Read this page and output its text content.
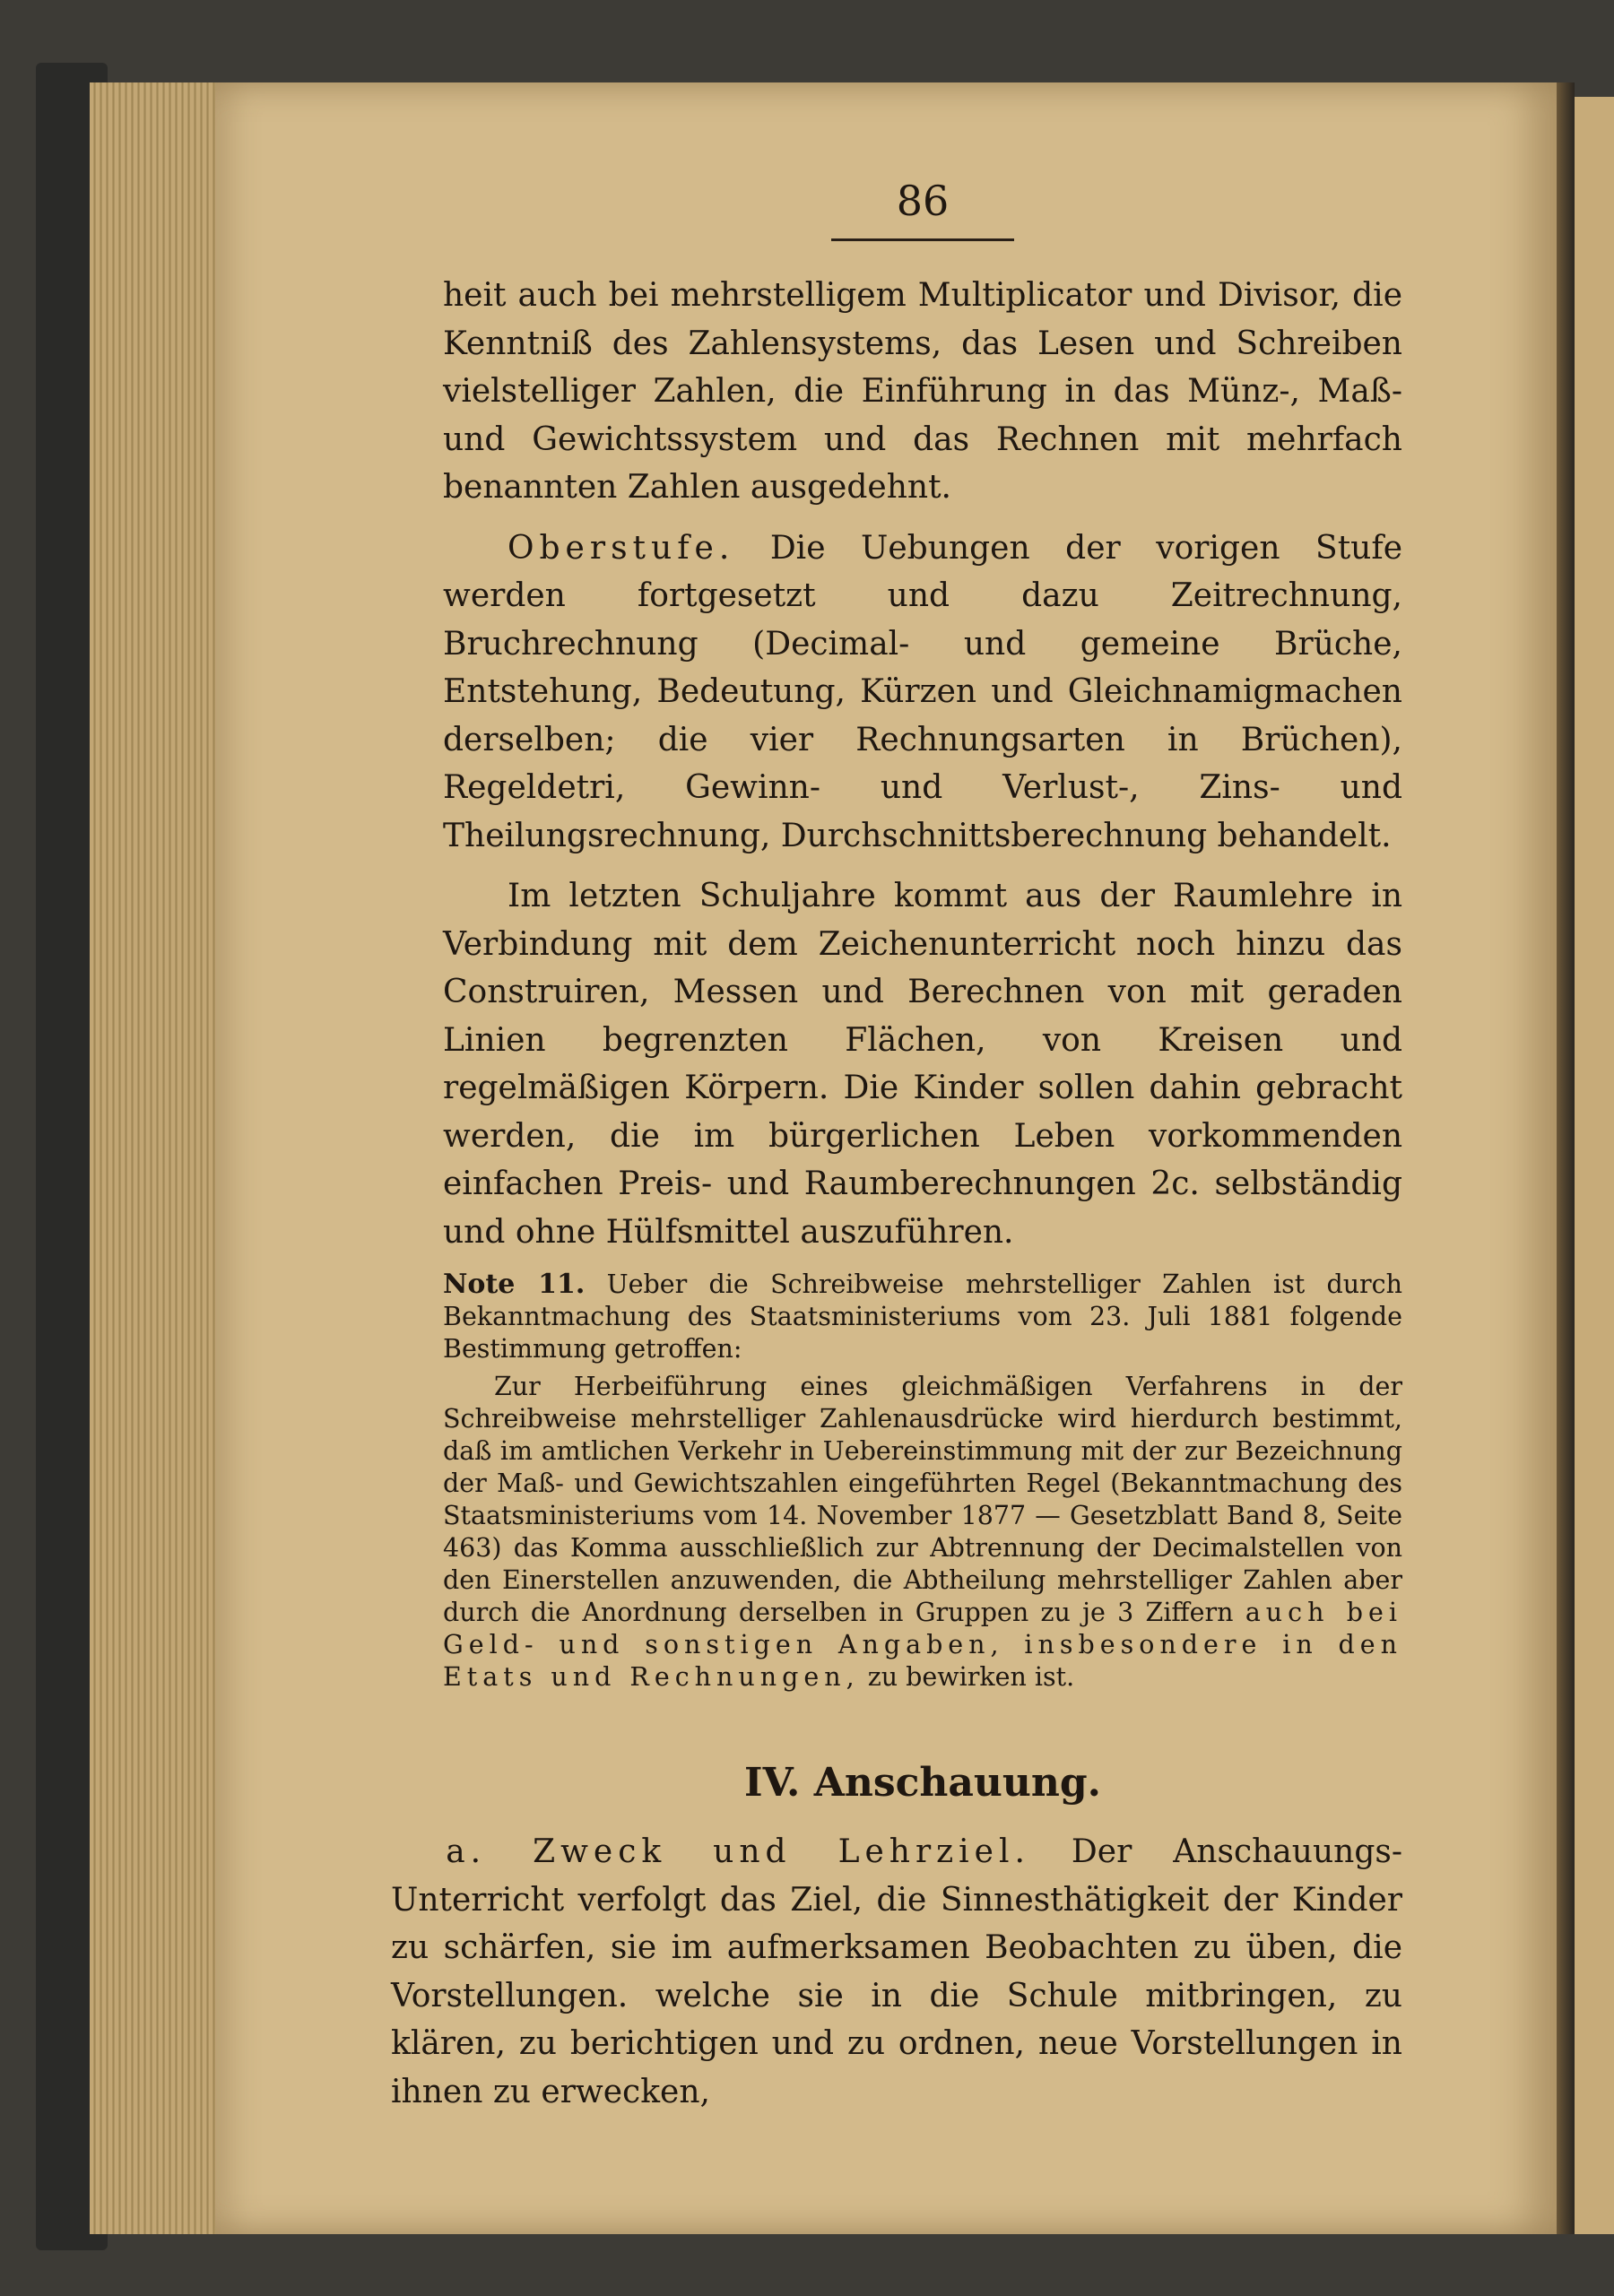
86

heit auch bei mehrstelligem Multiplicator und Divisor, die Kenntniß des Zahlensystems, das Lesen und Schreiben vielstelliger Zahlen, die Einführung in das Münz-, Maß- und Gewichtssystem und das Rechnen mit mehrfach benannten Zahlen ausgedehnt.

Oberstufe. Die Uebungen der vorigen Stufe werden fortgesetzt und dazu Zeitrechnung, Bruchrechnung (Decimal- und gemeine Brüche, Entstehung, Bedeutung, Kürzen und Gleichnamigmachen derselben; die vier Rechnungsarten in Brüchen), Regeldetri, Gewinn- und Verlust-, Zins- und Theilungsrechnung, Durchschnittsberechnung behandelt.

Im letzten Schuljahre kommt aus der Raumlehre in Verbindung mit dem Zeichenunterricht noch hinzu das Construiren, Messen und Berechnen von mit geraden Linien begrenzten Flächen, von Kreisen und regelmäßigen Körpern. Die Kinder sollen dahin gebracht werden, die im bürgerlichen Leben vorkommenden einfachen Preis- und Raumberechnungen 2c. selbständig und ohne Hülfsmittel auszuführen.

Note 11. Ueber die Schreibweise mehrstelliger Zahlen ist durch Bekanntmachung des Staatsministeriums vom 23. Juli 1881 folgende Bestimmung getroffen:

Zur Herbeiführung eines gleichmäßigen Verfahrens in der Schreibweise mehrstelliger Zahlenausdrücke wird hierdurch bestimmt, daß im amtlichen Verkehr in Uebereinstimmung mit der zur Bezeichnung der Maß- und Gewichtszahlen eingeführten Regel (Bekanntmachung des Staatsministeriums vom 14. November 1877 — Gesetzblatt Band 8, Seite 463) das Komma ausschließlich zur Abtrennung der Decimalstellen von den Einerstellen anzuwenden, die Abtheilung mehrstelliger Zahlen aber durch die Anordnung derselben in Gruppen zu je 3 Ziffern auch bei Geld- und sonstigen Angaben, insbesondere in den Etats und Rechnungen, zu bewirken ist.

IV. Anschauung.

a. Zweck und Lehrziel. Der Anschauungs-Unterricht verfolgt das Ziel, die Sinnesthätigkeit der Kinder zu schärfen, sie im aufmerksamen Beobachten zu üben, die Vorstellungen. welche sie in die Schule mitbringen, zu klären, zu berichtigen und zu ordnen, neue Vorstellungen in ihnen zu erwecken,
